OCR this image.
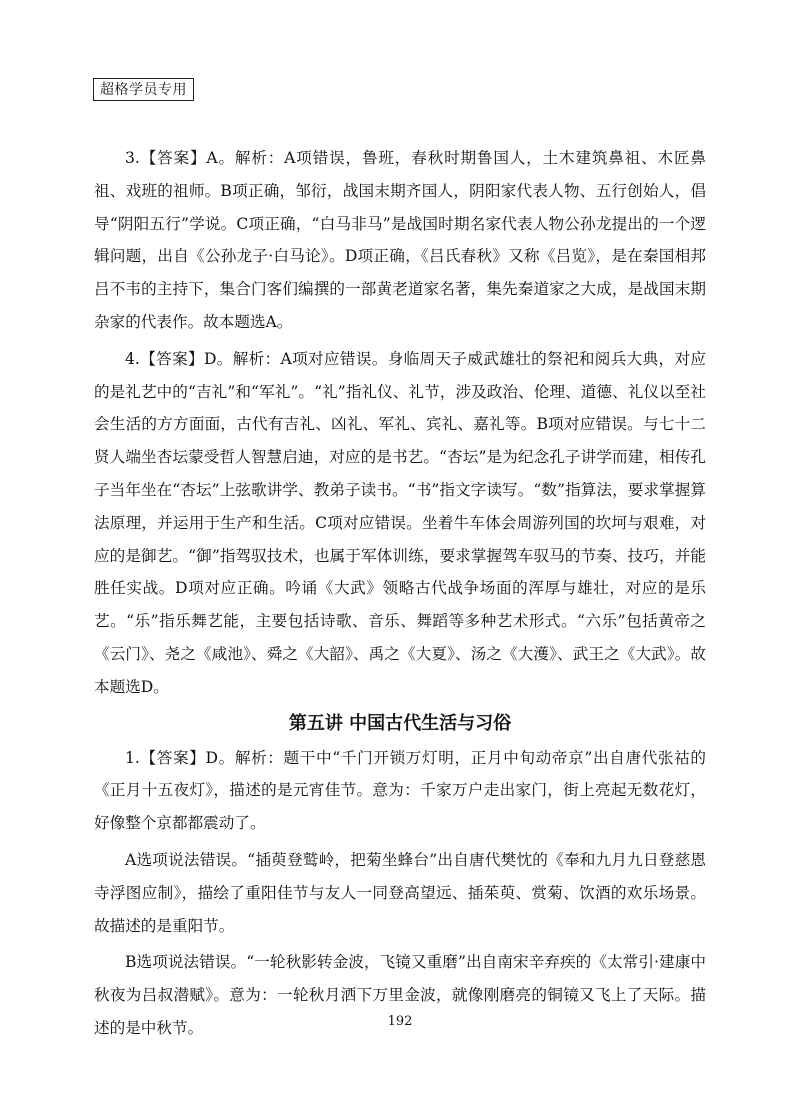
超格学员专用

3.【答案】A。解析：A项错误，鲁班，春秋时期鲁国人，土木建筑鼻祖、木匠鼻祖、戏班的祖师。B项正确，邹衍，战国末期齐国人，阴阳家代表人物、五行创始人，倡导“阴阳五行”学说。C项正确，“白马非马”是战国时期名家代表人物公孙龙提出的一个逻辑问题，出自《公孙龙子·白马论》。D项正确，《吕氏春秋》又称《吕览》，是在秦国相邦吕不韦的主持下，集合门客们编撰的一部黄老道家名著，集先秦道家之大成，是战国末期杂家的代表作。故本题选A。

4.【答案】D。解析：A项对应错误。身临周天子威武雄壮的祭祀和阅兵大典，对应的是礼艺中的“吉礼”和“军礼”。“礼”指礼仪、礼节，涉及政治、伦理、道德、礼仪以至社会生活的方方面面，古代有吉礼、凶礼、军礼、宾礼、嘉礼等。B项对应错误。与七十二贤人端坐杏坛蒙受哲人智慧启迪，对应的是书艺。“杏坛”是为纪念孔子讲学而建，相传孔子当年坐在“杏坛”上弦歌讲学、教弟子读书。“书”指文字读写。“数”指算法，要求掌握算法原理，并运用于生产和生活。C项对应错误。坐着牛车体会周游列国的坎坷与艰难，对应的是御艺。“御”指驾驭技术，也属于军体训练，要求掌握驾车驭马的节奏、技巧，并能胜任实战。D项对应正确。吟诵《大武》领略古代战争场面的浑厚与雄壮，对应的是乐艺。“乐”指乐舞艺能，主要包括诗歌、音乐、舞蹈等多种艺术形式。“六乐”包括黄帝之《云门》、尧之《咸池》、舜之《大韶》、禹之《大夏》、汤之《大濩》、武王之《大武》。故本题选D。

第五讲 中国古代生活与习俗

1.【答案】D。解析：题干中“千门开锁万灯明，正月中旬动帝京”出自唐代张祜的《正月十五夜灯》，描述的是元宵佳节。意为：千家万户走出家门，街上亮起无数花灯，好像整个京都都震动了。

A选项说法错误。“插萸登鹫岭，把菊坐蜂台”出自唐代樊忱的《奉和九月九日登慈恩寺浮图应制》，描绘了重阳佳节与友人一同登高望远、插茱萸、赏菊、饮酒的欢乐场景。故描述的是重阳节。

B选项说法错误。“一轮秋影转金波，飞镜又重磨”出自南宋辛弃疾的《太常引·建康中秋夜为吕叔潜赋》。意为：一轮秋月洒下万里金波，就像刚磨亮的铜镜又飞上了天际。描述的是中秋节。	192
